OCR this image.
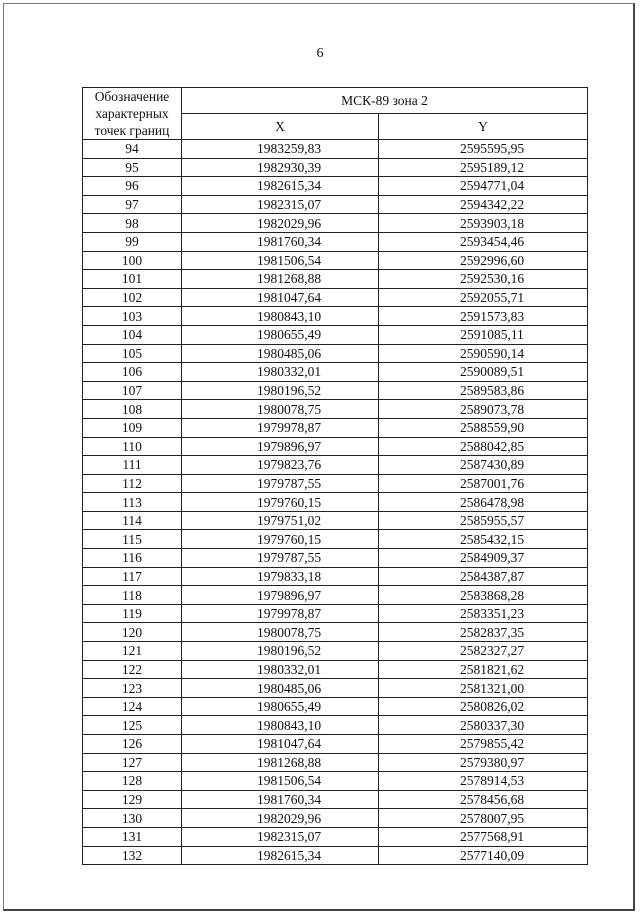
6
Обозначение характерных точек границ	МСК-89 зона 2	
	X	Y
94	1983259,83	2595595,95
95	1982930,39	2595189,12
96	1982615,34	2594771,04
97	1982315,07	2594342,22
98	1982029,96	2593903,18
99	1981760,34	2593454,46
100	1981506,54	2592996,60
101	1981268,88	2592530,16
102	1981047,64	2592055,71
103	1980843,10	2591573,83
104	1980655,49	2591085,11
105	1980485,06	2590590,14
106	1980332,01	2590089,51
107	1980196,52	2589583,86
108	1980078,75	2589073,78
109	1979978,87	2588559,90
110	1979896,97	2588042,85
111	1979823,76	2587430,89
112	1979787,55	2587001,76
113	1979760,15	2586478,98
114	1979751,02	2585955,57
115	1979760,15	2585432,15
116	1979787,55	2584909,37
117	1979833,18	2584387,87
118	1979896,97	2583868,28
119	1979978,87	2583351,23
120	1980078,75	2582837,35
121	1980196,52	2582327,27
122	1980332,01	2581821,62
123	1980485,06	2581321,00
124	1980655,49	2580826,02
125	1980843,10	2580337,30
126	1981047,64	2579855,42
127	1981268,88	2579380,97
128	1981506,54	2578914,53
129	1981760,34	2578456,68
130	1982029,96	2578007,95
131	1982315,07	2577568,91
132	1982615,34	2577140,09
